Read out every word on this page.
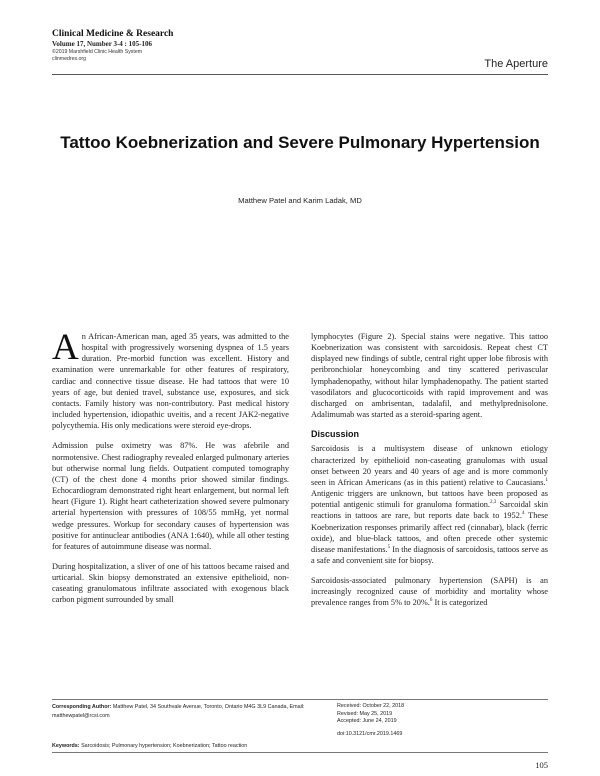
Clinical Medicine & Research
Volume 17, Number 3-4 : 105-106
©2019 Marshfield Clinic Health System
clinmedres.org	The Aperture
Tattoo Koebnerization and Severe Pulmonary Hypertension
Matthew Patel and Karim Ladak, MD

An African-American man, aged 35 years, was admitted to the hospital with progressively worsening dyspnea of 1.5 years duration. Pre-morbid function was excellent. History and examination were unremarkable for other features of respiratory, cardiac and connective tissue disease. He had tattoos that were 10 years of age, but denied travel, substance use, exposures, and sick contacts. Family history was non-contributory. Past medical history included hypertension, idiopathic uveitis, and a recent JAK2-negative polycythemia. His only medications were steroid eye-drops.

Admission pulse oximetry was 87%. He was afebrile and normotensive. Chest radiography revealed enlarged pulmonary arteries but otherwise normal lung fields. Outpatient computed tomography (CT) of the chest done 4 months prior showed similar findings. Echocardiogram demonstrated right heart enlargement, but normal left heart (Figure 1). Right heart catheterization showed severe pulmonary arterial hypertension with pressures of 108/55 mmHg, yet normal wedge pressures. Workup for secondary causes of hypertension was positive for antinuclear antibodies (ANA 1:640), while all other testing for features of autoimmune disease was normal.

During hospitalization, a sliver of one of his tattoos became raised and urticarial. Skin biopsy demonstrated an extensive epithelioid, non-caseating granulomatous infiltrate associated with exogenous black carbon pigment surrounded by small

lymphocytes (Figure 2). Special stains were negative. This tattoo Koebnerization was consistent with sarcoidosis. Repeat chest CT displayed new findings of subtle, central right upper lobe fibrosis with peribronchiolar honeycombing and tiny scattered perivascular lymphadenopathy, without hilar lymphadenopathy. The patient started vasodilators and glucocorticoids with rapid improvement and was discharged on ambrisentan, tadalafil, and methylprednisolone. Adalimumab was started as a steroid-sparing agent.

Discussion

Sarcoidosis is a multisystem disease of unknown etiology characterized by epithelioid non-caseating granulomas with usual onset between 20 years and 40 years of age and is more commonly seen in African Americans (as in this patient) relative to Caucasians.$^1$ Antigenic triggers are unknown, but tattoos have been proposed as potential antigenic stimuli for granuloma formation.$^{2,3}$ Sarcoidal skin reactions in tattoos are rare, but reports date back to 1952.$^4$ These Koebnerization responses primarily affect red (cinnabar), black (ferric oxide), and blue-black tattoos, and often precede other systemic disease manifestations.$^5$ In the diagnosis of sarcoidosis, tattoos serve as a safe and convenient site for biopsy.

Sarcoidosis-associated pulmonary hypertension (SAPH) is an increasingly recognized cause of morbidity and mortality whose prevalence ranges from 5% to 20%.$^6$ It is categorized

Corresponding Author: Matthew Patel, 34 Southvale Avenue, Toronto, Ontario M4G 3L9 Canada, Email: matthewpatel@rcsi.com
Received: October 22, 2018
Revised: May 25, 2019
Accepted: June 24, 2019
doi:10.3121/cmr.2019.1469
Keywords: Sarcoidosis; Pulmonary hypertension; Koebnerization; Tattoo reaction
105
